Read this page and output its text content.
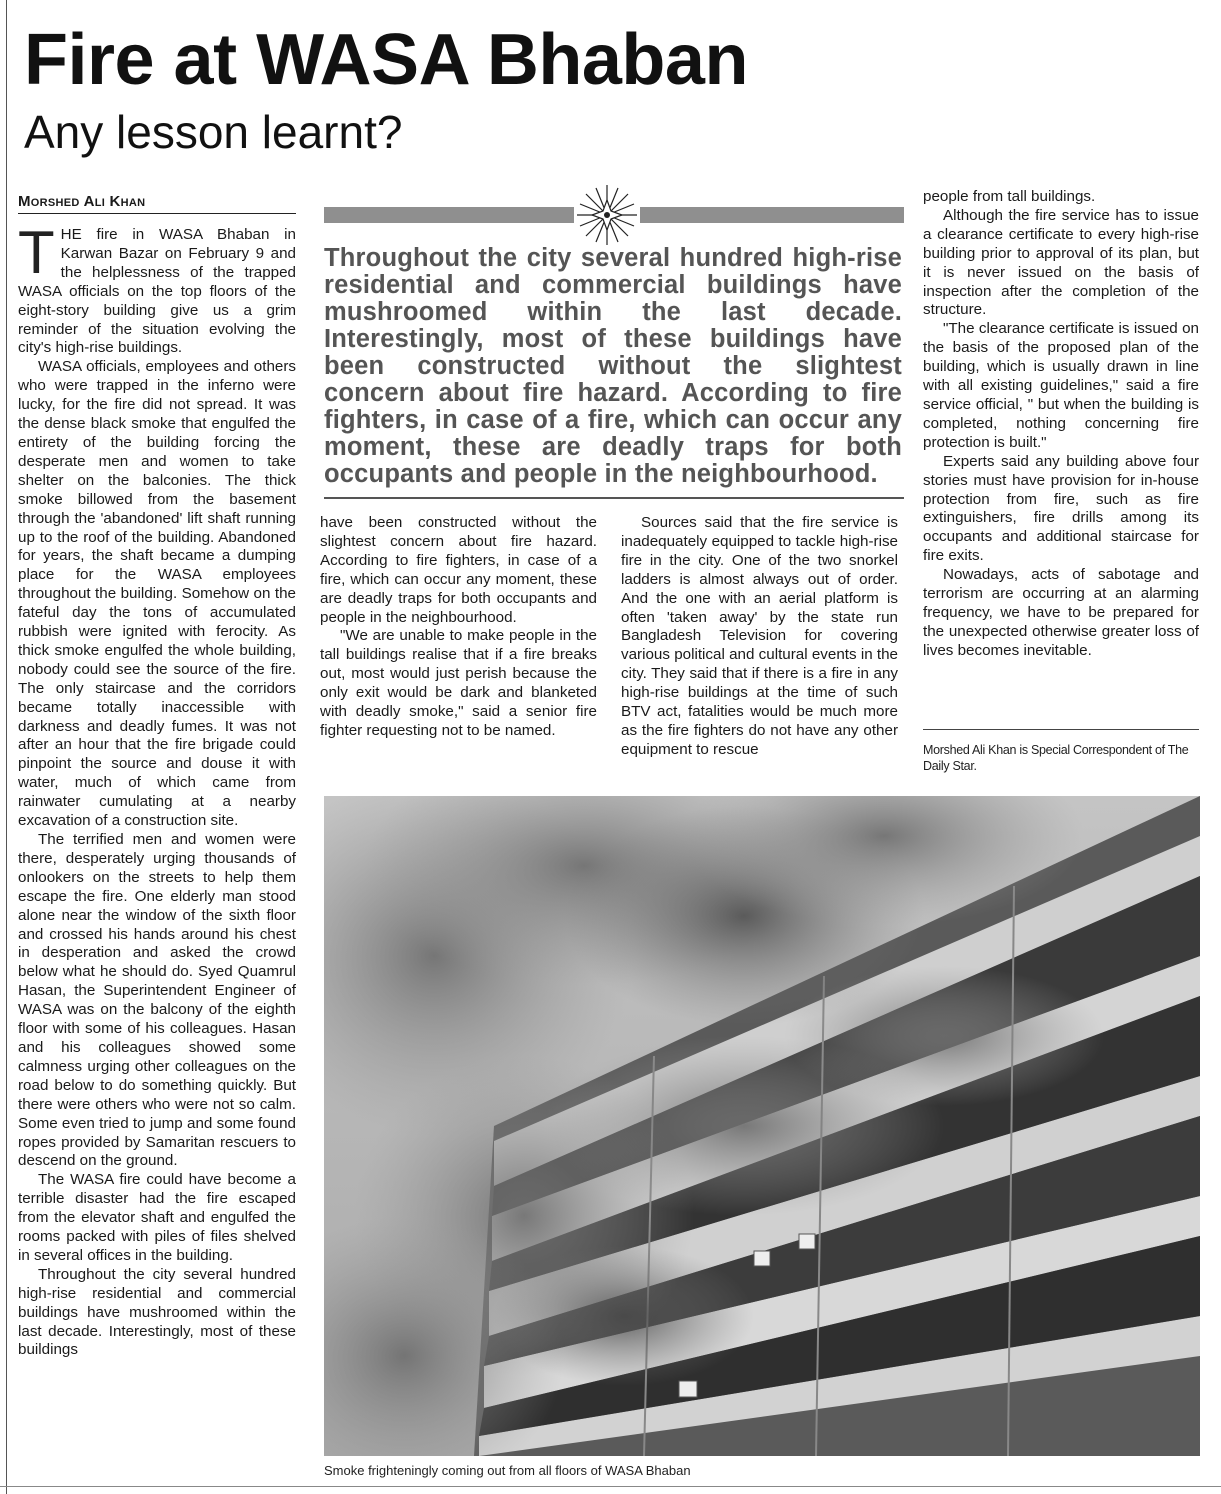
Fire at WASA Bhaban
Any lesson learnt?
Morshed Ali Khan

THE fire in WASA Bhaban in Karwan Bazar on February 9 and the helplessness of the trapped WASA officials on the top floors of the eight-story building give us a grim reminder of the situation evolving the city's high-rise buildings.

WASA officials, employees and others who were trapped in the inferno were lucky, for the fire did not spread. It was the dense black smoke that engulfed the entirety of the building forcing the desperate men and women to take shelter on the balconies. The thick smoke billowed from the basement through the 'abandoned' lift shaft running up to the roof of the building. Abandoned for years, the shaft became a dumping place for the WASA employees throughout the building. Somehow on the fateful day the tons of accumulated rubbish were ignited with ferocity. As thick smoke engulfed the whole building, nobody could see the source of the fire. The only staircase and the corridors became totally inaccessible with darkness and deadly fumes. It was not after an hour that the fire brigade could pinpoint the source and douse it with water, much of which came from rainwater cumulating at a nearby excavation of a construction site.

The terrified men and women were there, desperately urging thousands of onlookers on the streets to help them escape the fire. One elderly man stood alone near the window of the sixth floor and crossed his hands around his chest in desperation and asked the crowd below what he should do. Syed Quamrul Hasan, the Superintendent Engineer of WASA was on the balcony of the eighth floor with some of his colleagues. Hasan and his colleagues showed some calmness urging other colleagues on the road below to do something quickly. But there were others who were not so calm. Some even tried to jump and some found ropes provided by Samaritan rescuers to descend on the ground.

The WASA fire could have become a terrible disaster had the fire escaped from the elevator shaft and engulfed the rooms packed with piles of files shelved in several offices in the building.

Throughout the city several hundred high-rise residential and commercial buildings have mushroomed within the last decade. Interestingly, most of these buildings

Throughout the city several hundred high-rise residential and commercial buildings have mushroomed within the last decade. Interestingly, most of these buildings have been constructed without the slightest concern about fire hazard. According to fire fighters, in case of a fire, which can occur any moment, these are deadly traps for both occupants and people in the neighbourhood.

have been constructed without the slightest concern about fire hazard. According to fire fighters, in case of a fire, which can occur any moment, these are deadly traps for both occupants and people in the neighbourhood.

"We are unable to make people in the tall buildings realise that if a fire breaks out, most would just perish because the only exit would be dark and blanketed with deadly smoke," said a senior fire fighter requesting not to be named.

Sources said that the fire service is inadequately equipped to tackle high-rise fire in the city. One of the two snorkel ladders is almost always out of order. And the one with an aerial platform is often 'taken away' by the state run Bangladesh Television for covering various political and cultural events in the city. They said that if there is a fire in any high-rise buildings at the time of such BTV act, fatalities would be much more as the fire fighters do not have any other equipment to rescue

people from tall buildings.

Although the fire service has to issue a clearance certificate to every high-rise building prior to approval of its plan, but it is never issued on the basis of inspection after the completion of the structure.

"The clearance certificate is issued on the basis of the proposed plan of the building, which is usually drawn in line with all existing guidelines," said a fire service official, " but when the building is completed, nothing concerning fire protection is built."

Experts said any building above four stories must have provision for in-house protection from fire, such as fire extinguishers, fire drills among its occupants and additional staircase for fire exits.

Nowadays, acts of sabotage and terrorism are occurring at an alarming frequency, we have to be prepared for the unexpected otherwise greater loss of lives becomes inevitable.

Morshed Ali Khan is Special Correspondent of The Daily Star.
Smoke frighteningly coming out from all floors of WASA Bhaban
